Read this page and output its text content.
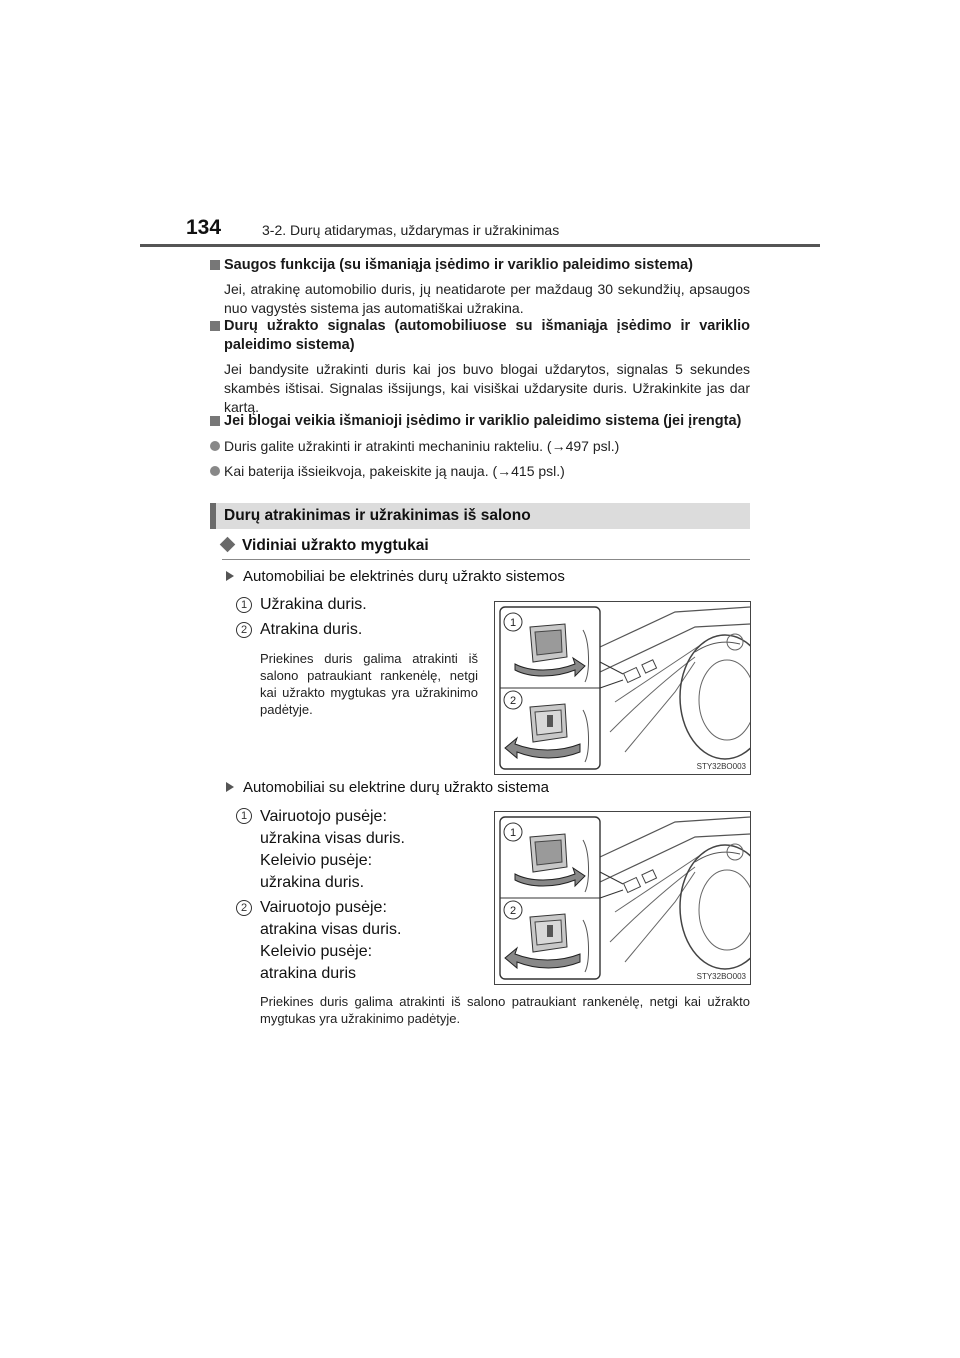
134	3-2. Durų atidarymas, uždarymas ir užrakinimas
Saugos funkcija (su išmaniąja įsėdimo ir variklio paleidimo sistema)
Jei, atrakinę automobilio duris, jų neatidarote per maždaug 30 sekundžių, apsaugos nuo vagystės sistema jas automatiškai užrakina.
Durų užrakto signalas (automobiliuose su išmaniąja įsėdimo ir variklio paleidimo sistema)
Jei bandysite užrakinti duris kai jos buvo blogai uždarytos, signalas 5 sekundes skambės ištisai. Signalas išsijungs, kai visiškai uždarysite duris. Užrakinkite jas dar kartą.
Jei blogai veikia išmanioji įsėdimo ir variklio paleidimo sistema (jei įrengta)
Duris galite užrakinti ir atrakinti mechaniniu rakteliu. (→497 psl.)
Kai baterija išsieikvoja, pakeiskite ją nauja. (→415 psl.)
Durų atrakinimas ir užrakinimas iš salono
Vidiniai užrakto mygtukai
Automobiliai be elektrinės durų užrakto sistemos
1 Užrakina duris.
2 Atrakina duris.
Priekines duris galima atrakinti iš salono patraukiant rankenėlę, netgi kai užrakto mygtukas yra užrakinimo padėtyje.
1
2
STY32BO003
Automobiliai su elektrine durų užrakto sistema
1 Vairuotojo pusėje:
užrakina visas duris.
Keleivio pusėje:
užrakina duris.
2 Vairuotojo pusėje:
atrakina visas duris.
Keleivio pusėje:
atrakina duris
1
2
STY32BO003
Priekines duris galima atrakinti iš salono patraukiant rankenėlę, netgi kai užrakto mygtukas yra užrakinimo padėtyje.
